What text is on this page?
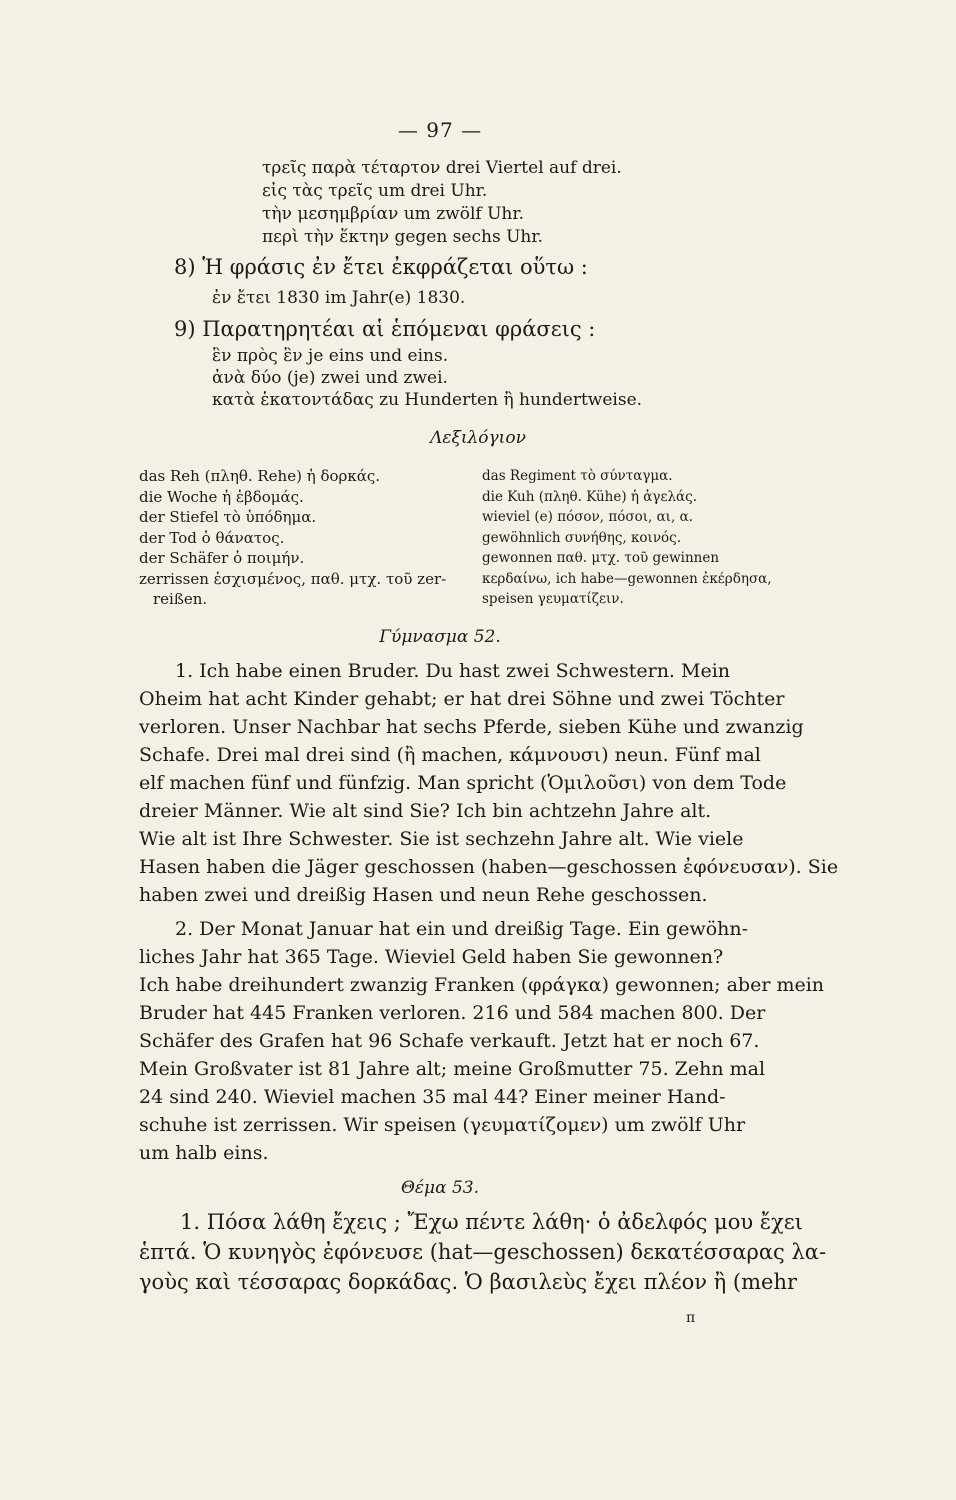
— 97 —
τρεῖς παρὰ τέταρτον drei Viertel auf drei.
εἰς τὰς τρεῖς um drei Uhr.
τὴν μεσημβρίαν um zwölf Uhr.
περὶ τὴν ἕκτην gegen sechs Uhr.
8) Ἡ φράσις ἐν ἔτει ἐκφράζεται οὕτω :
ἐν ἔτει 1830 im Jahr(e) 1830.
9) Παρατηρητέαι αἱ ἑπόμεναι φράσεις :
ἓν πρὸς ἓν je eins und eins.
ἀνὰ δύο (je) zwei und zwei.
κατὰ ἑκατοντάδας zu Hunderten ἢ hundertweise.
Λεξιλόγιον
das Reh (πληθ. Rehe) ἡ δορκάς.
die Woche ἡ ἑβδομάς.
der Stiefel τὸ ὑπόδημα.
der Tod ὁ θάνατος.
der Schäfer ὁ ποιμήν.
zerrissen ἐσχισμένος, παθ. μτχ. τοῦ zer-
reißen.
das Regiment τὸ σύνταγμα.
die Kuh (πληθ. Kühe) ἡ ἀγελάς.
wieviel (e) πόσον, πόσοι, αι, α.
gewöhnlich συνήθης, κοινός.
gewonnen παθ. μτχ. τοῦ gewinnen κερδαίνω, ich habe—gewonnen ἐκέρδησα,
speisen γευματίζειν.
Γύμνασμα 52.
1. Ich habe einen Bruder. Du hast zwei Schwestern. Mein
Oheim hat acht Kinder gehabt; er hat drei Söhne und zwei Töchter
verloren. Unser Nachbar hat sechs Pferde, sieben Kühe und zwanzig
Schafe. Drei mal drei sind (ἢ machen, κάμνουσι) neun. Fünf mal
elf machen fünf und fünfzig. Man spricht (Ὁμιλοῦσι) von dem Tode
dreier Männer. Wie alt sind Sie? Ich bin achtzehn Jahre alt.
Wie alt ist Ihre Schwester. Sie ist sechzehn Jahre alt. Wie viele
Hasen haben die Jäger geschossen (haben—geschossen ἐφόνευσαν). Sie
haben zwei und dreißig Hasen und neun Rehe geschossen.
2. Der Monat Januar hat ein und dreißig Tage. Ein gewöhn-
liches Jahr hat 365 Tage. Wieviel Geld haben Sie gewonnen?
Ich habe dreihundert zwanzig Franken (φράγκα) gewonnen; aber mein
Bruder hat 445 Franken verloren. 216 und 584 machen 800. Der
Schäfer des Grafen hat 96 Schafe verkauft. Jetzt hat er noch 67.
Mein Großvater ist 81 Jahre alt; meine Großmutter 75. Zehn mal
24 sind 240. Wieviel machen 35 mal 44? Einer meiner Hand-
schuhe ist zerrissen. Wir speisen (γευματίζομεν) um zwölf Uhr
um halb eins.
Θέμα 53.
1. Πόσα λάθη ἔχεις ; Ἔχω πέντε λάθη· ὁ ἀδελφός μου ἔχει
ἑπτά. Ὁ κυνηγὸς ἐφόνευσε (hat—geschossen) δεκατέσσαρας λα-
γοὺς καὶ τέσσαρας δορκάδας. Ὁ βασιλεὺς ἔχει πλέον ἢ (mehr
π
